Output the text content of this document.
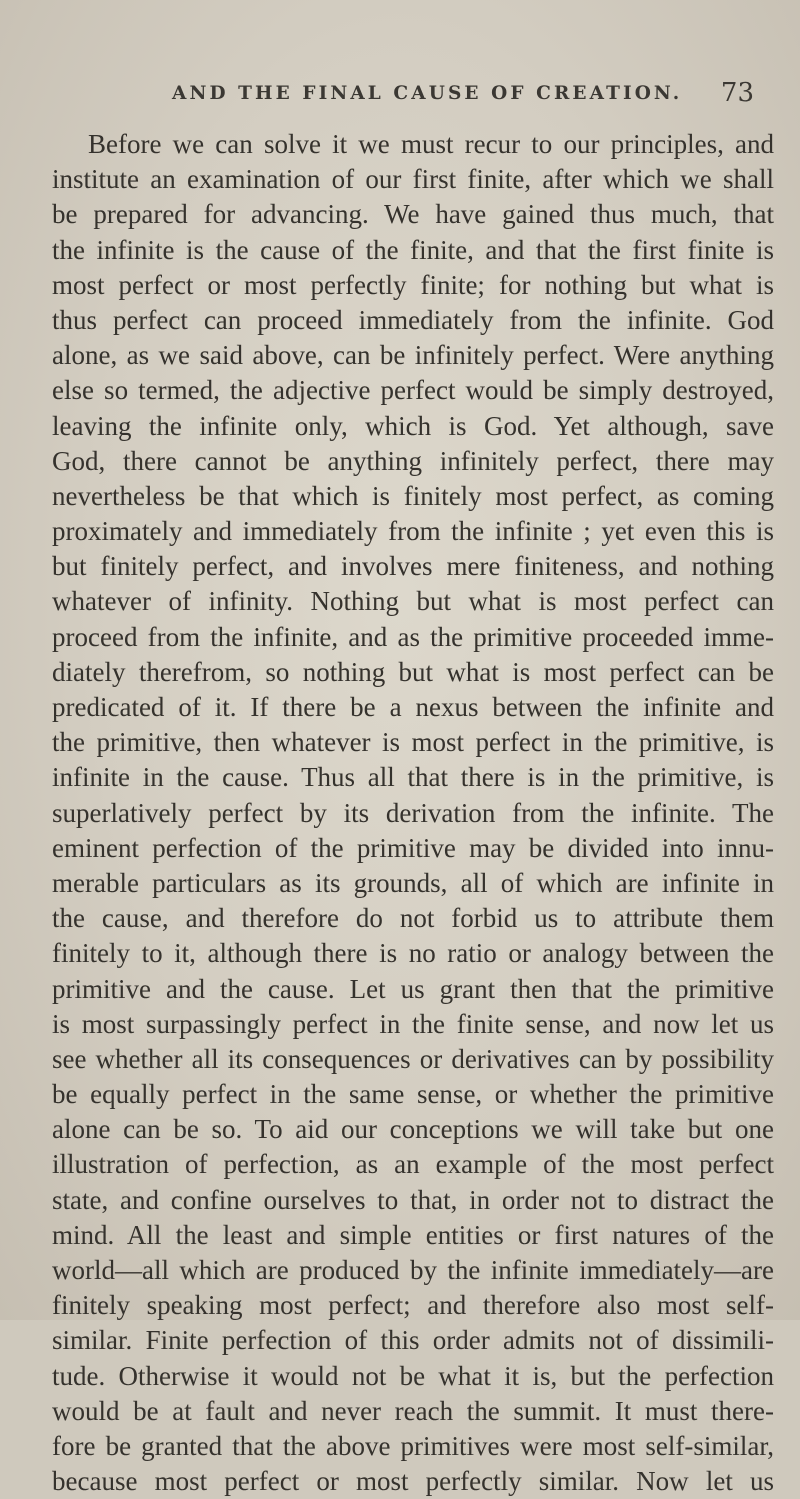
AND THE FINAL CAUSE OF CREATION. 73
Before we can solve it we must recur to our principles, and
institute an examination of our first finite, after which we shall
be prepared for advancing. We have gained thus much, that
the infinite is the cause of the finite, and that the first finite is
most perfect or most perfectly finite; for nothing but what is
thus perfect can proceed immediately from the infinite. God
alone, as we said above, can be infinitely perfect. Were anything
else so termed, the adjective perfect would be simply destroyed,
leaving the infinite only, which is God. Yet although, save
God, there cannot be anything infinitely perfect, there may
nevertheless be that which is finitely most perfect, as coming
proximately and immediately from the infinite ; yet even this is
but finitely perfect, and involves mere finiteness, and nothing
whatever of infinity. Nothing but what is most perfect can
proceed from the infinite, and as the primitive proceeded imme-
diately therefrom, so nothing but what is most perfect can be
predicated of it. If there be a nexus between the infinite and
the primitive, then whatever is most perfect in the primitive, is
infinite in the cause. Thus all that there is in the primitive, is
superlatively perfect by its derivation from the infinite. The
eminent perfection of the primitive may be divided into innu-
merable particulars as its grounds, all of which are infinite in
the cause, and therefore do not forbid us to attribute them
finitely to it, although there is no ratio or analogy between the
primitive and the cause. Let us grant then that the primitive
is most surpassingly perfect in the finite sense, and now let us
see whether all its consequences or derivatives can by possibility
be equally perfect in the same sense, or whether the primitive
alone can be so. To aid our conceptions we will take but one
illustration of perfection, as an example of the most perfect
state, and confine ourselves to that, in order not to distract the
mind. All the least and simple entities or first natures of the
world—all which are produced by the infinite immediately—are
finitely speaking most perfect; and therefore also most self-
similar. Finite perfection of this order admits not of dissimili-
tude. Otherwise it would not be what it is, but the perfection
would be at fault and never reach the summit. It must there-
fore be granted that the above primitives were most self-similar,
because most perfect or most perfectly similar. Now let us
